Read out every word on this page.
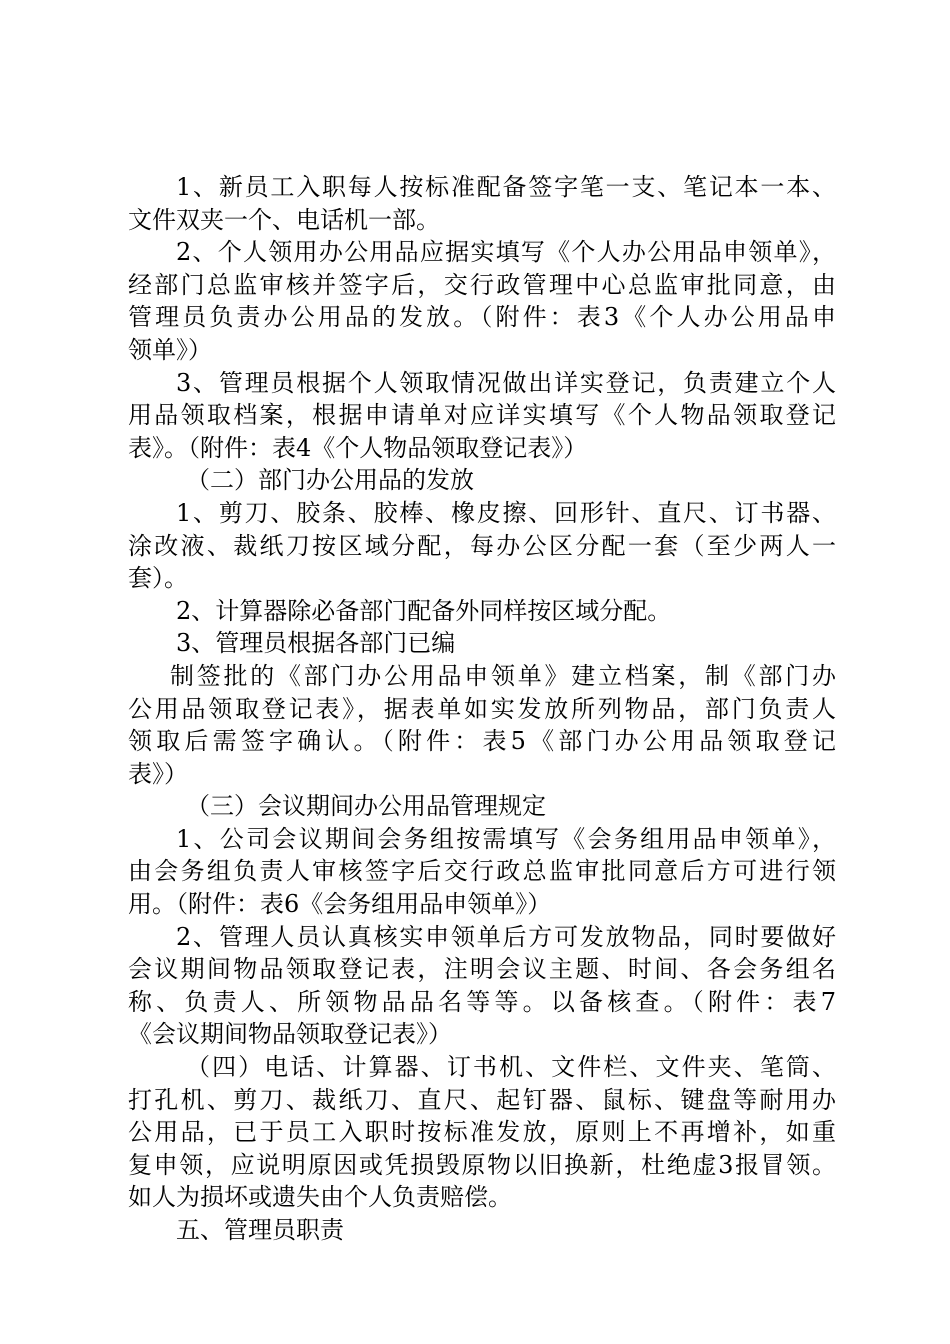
1、新员工入职每人按标准配备签字笔一支、笔记本一本、
文件双夹一个、电话机一部。
2、个人领用办公用品应据实填写《个人办公用品申领单》，
经部门总监审核并签字后，交行政管理中心总监审批同意，由
管理员负责办公用品的发放。（附件：表3《个人办公用品申
领单》）
3、管理员根据个人领取情况做出详实登记，负责建立个人
用品领取档案，根据申请单对应详实填写《个人物品领取登记
表》。（附件：表4《个人物品领取登记表》）
（二）部门办公用品的发放
1、剪刀、胶条、胶棒、橡皮擦、回形针、直尺、订书器、
涂改液、裁纸刀按区域分配，每办公区分配一套（至少两人一
套）。
2、计算器除必备部门配备外同样按区域分配。
3、管理员根据各部门已编
制签批的《部门办公用品申领单》建立档案，制《部门办
公用品领取登记表》，据表单如实发放所列物品，部门负责人
领取后需签字确认。（附件：表5《部门办公用品领取登记
表》）
（三）会议期间办公用品管理规定
1、公司会议期间会务组按需填写《会务组用品申领单》，
由会务组负责人审核签字后交行政总监审批同意后方可进行领
用。（附件：表6《会务组用品申领单》）
2、管理人员认真核实申领单后方可发放物品，同时要做好
会议期间物品领取登记表，注明会议主题、时间、各会务组名
称、负责人、所领物品品名等等。以备核查。（附件：表7
《会议期间物品领取登记表》）
（四）电话、计算器、订书机、文件栏、文件夹、笔筒、
打孔机、剪刀、裁纸刀、直尺、起钉器、鼠标、键盘等耐用办
公用品，已于员工入职时按标准发放，原则上不再增补，如重
复申领，应说明原因或凭损毁原物以旧换新，杜绝虚3报冒领。
如人为损坏或遗失由个人负责赔偿。
五、管理员职责
